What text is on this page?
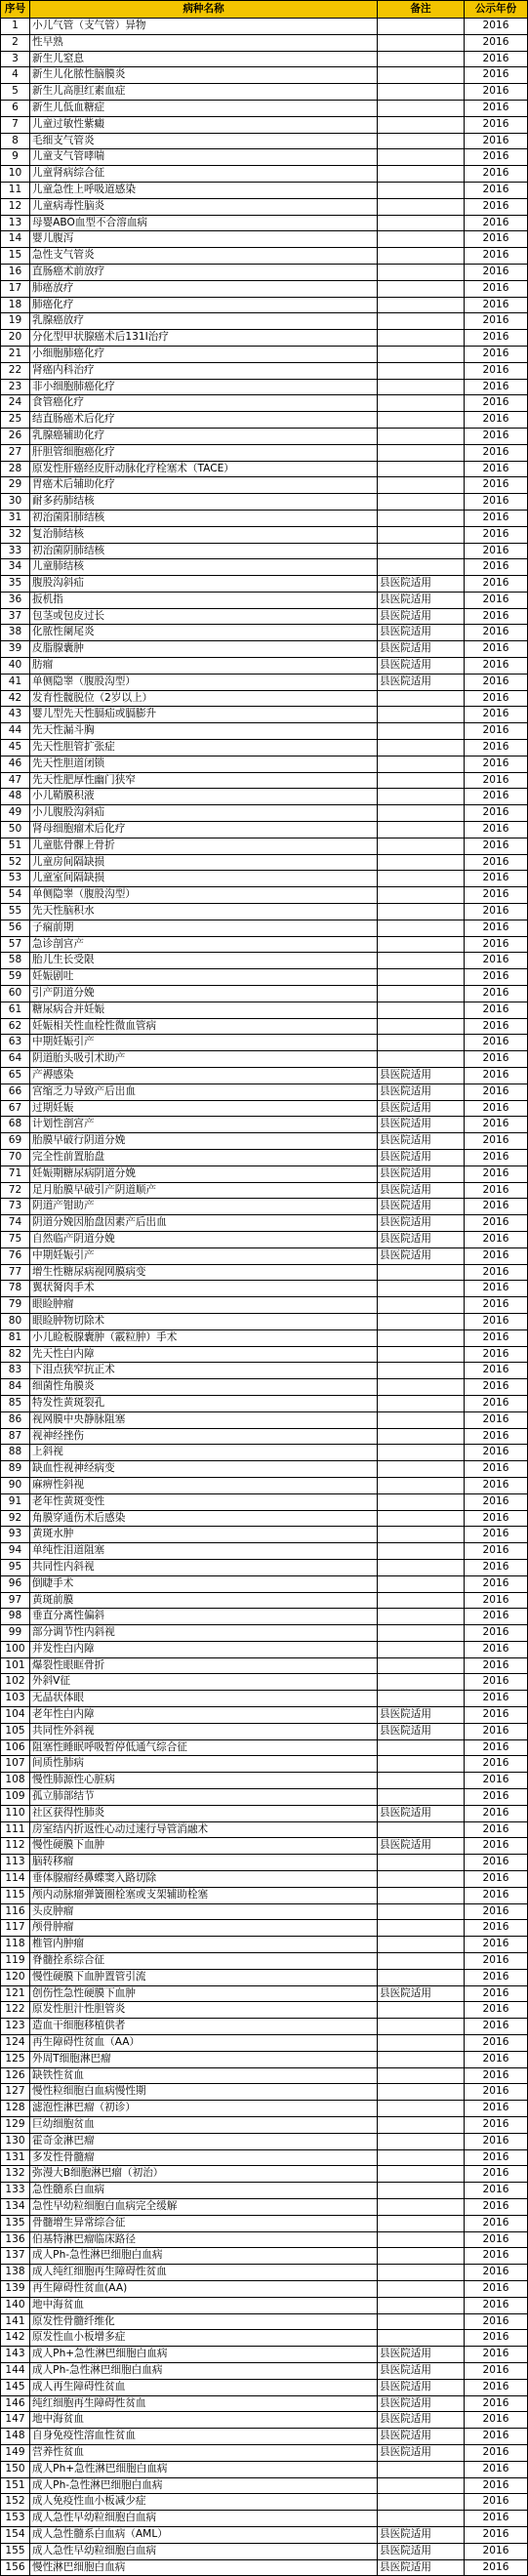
序号	病种名称	备注	公示年份
1	小儿气管（支气管）异物		2016
2	性早熟		2016
3	新生儿窒息		2016
4	新生儿化脓性脑膜炎		2016
5	新生儿高胆红素血症		2016
6	新生儿低血糖症		2016
7	儿童过敏性紫癜		2016
8	毛细支气管炎		2016
9	儿童支气管哮喘		2016
10	儿童肾病综合征		2016
11	儿童急性上呼吸道感染		2016
12	儿童病毒性脑炎		2016
13	母婴ABO血型不合溶血病		2016
14	婴儿腹泻		2016
15	急性支气管炎		2016
16	直肠癌术前放疗		2016
17	肺癌放疗		2016
18	肺癌化疗		2016
19	乳腺癌放疗		2016
20	分化型甲状腺癌术后131I治疗		2016
21	小细胞肺癌化疗		2016
22	肾癌内科治疗		2016
23	非小细胞肺癌化疗		2016
24	食管癌化疗		2016
25	结直肠癌术后化疗		2016
26	乳腺癌辅助化疗		2016
27	肝胆管细胞癌化疗		2016
28	原发性肝癌经皮肝动脉化疗栓塞术（TACE）		2016
29	胃癌术后辅助化疗		2016
30	耐多药肺结核		2016
31	初治菌阳肺结核		2016
32	复治肺结核		2016
33	初治菌阴肺结核		2016
34	儿童肺结核		2016
35	腹股沟斜疝	县医院适用	2016
36	扳机指	县医院适用	2016
37	包茎或包皮过长	县医院适用	2016
38	化脓性阑尾炎	县医院适用	2016
39	皮脂腺囊肿	县医院适用	2016
40	肪瘤	县医院适用	2016
41	单侧隐睾（腹股沟型）	县医院适用	2016
42	发育性髋脱位（2岁以上）		2016
43	婴儿型先天性膈疝或膈膨升		2016
44	先天性漏斗胸		2016
45	先天性胆管扩张症		2016
46	先天性胆道闭锁		2016
47	先天性肥厚性幽门狭窄		2016
48	小儿鞘膜积液		2016
49	小儿腹股沟斜疝		2016
50	肾母细胞瘤术后化疗		2016
51	儿童肱骨髁上骨折		2016
52	儿童房间隔缺损		2016
53	儿童室间隔缺损		2016
54	单侧隐睾（腹股沟型）		2016
55	先天性脑积水		2016
56	子痫前期		2016
57	急诊剖宫产		2016
58	胎儿生长受限		2016
59	妊娠剧吐		2016
60	引产阴道分娩		2016
61	糖尿病合并妊娠		2016
62	妊娠相关性血栓性微血管病		2016
63	中期妊娠引产		2016
64	阴道胎头吸引术助产		2016
65	产褥感染	县医院适用	2016
66	宫缩乏力导致产后出血	县医院适用	2016
67	过期妊娠	县医院适用	2016
68	计划性剖宫产	县医院适用	2016
69	胎膜早破行阴道分娩	县医院适用	2016
70	完全性前置胎盘	县医院适用	2016
71	妊娠期糖尿病阴道分娩	县医院适用	2016
72	足月胎膜早破引产阴道顺产	县医院适用	2016
73	阴道产钳助产	县医院适用	2016
74	阴道分娩因胎盘因素产后出血	县医院适用	2016
75	自然临产阴道分娩	县医院适用	2016
76	中期妊娠引产	县医院适用	2016
77	增生性糖尿病视网膜病变		2016
78	翼状胬肉手术		2016
79	眼睑肿瘤		2016
80	眼睑肿物切除术		2016
81	小儿睑板腺囊肿（霰粒肿）手术		2016
82	先天性白内障		2016
83	下泪点狭窄抗正术		2016
84	细菌性角膜炎		2016
85	特发性黄斑裂孔		2016
86	视网膜中央静脉阻塞		2016
87	视神经挫伤		2016
88	上斜视		2016
89	缺血性视神经病变		2016
90	麻痹性斜视		2016
91	老年性黄斑变性		2016
92	角膜穿通伤术后感染		2016
93	黄斑水肿		2016
94	单纯性泪道阻塞		2016
95	共同性内斜视		2016
96	倒睫手术		2016
97	黄斑前膜		2016
98	垂直分离性偏斜		2016
99	部分调节性内斜视		2016
100	并发性白内障		2016
101	爆裂性眼眶骨折		2016
102	外斜V征		2016
103	无晶状体眼		2016
104	老年性白内障	县医院适用	2016
105	共同性外斜视	县医院适用	2016
106	阻塞性睡眠呼吸暂停低通气综合征		2016
107	间质性肺病		2016
108	慢性肺源性心脏病		2016
109	孤立肺部结节		2016
110	社区获得性肺炎	县医院适用	2016
111	房室结内折返性心动过速行导管消融术		2016
112	慢性硬膜下血肿	县医院适用	2016
113	脑转移瘤		2016
114	垂体腺瘤经鼻蝶窦入路切除		2016
115	颅内动脉瘤弹簧圈栓塞或支架辅助栓塞		2016
116	头皮肿瘤		2016
117	颅骨肿瘤		2016
118	椎管内肿瘤		2016
119	脊髓拴系综合征		2016
120	慢性硬膜下血肿置管引流		2016
121	创伤性急性硬膜下血肿	县医院适用	2016
122	原发性胆汁性胆管炎		2016
123	造血干细胞移植供者		2016
124	再生障碍性贫血（AA）		2016
125	外周T细胞淋巴瘤		2016
126	缺铁性贫血		2016
127	慢性粒细胞白血病慢性期		2016
128	滤泡性淋巴瘤（初诊）		2016
129	巨幼细胞贫血		2016
130	霍奇金淋巴瘤		2016
131	多发性骨髓瘤		2016
132	弥漫大B细胞淋巴瘤（初治）		2016
133	急性髓系白血病		2016
134	急性早幼粒细胞白血病完全缓解		2016
135	骨髓增生异常综合征		2016
136	伯基特淋巴瘤临床路径		2016
137	成人Ph-急性淋巴细胞白血病		2016
138	成人纯红细胞再生障碍性贫血		2016
139	再生障碍性贫血(AA)		2016
140	地中海贫血		2016
141	原发性骨髓纤维化		2016
142	原发性血小板增多症		2016
143	成人Ph+急性淋巴细胞白血病	县医院适用	2016
144	成人Ph-急性淋巴细胞白血病	县医院适用	2016
145	成人再生障碍性贫血	县医院适用	2016
146	纯红细胞再生障碍性贫血	县医院适用	2016
147	地中海贫血	县医院适用	2016
148	自身免疫性溶血性贫血	县医院适用	2016
149	营养性贫血	县医院适用	2016
150	成人Ph+急性淋巴细胞白血病		2016
151	成人Ph-急性淋巴细胞白血病		2016
152	成人免疫性血小板减少症		2016
153	成人急性早幼粒细胞白血病		2016
154	成人急性髓系白血病（AML）	县医院适用	2016
155	成人急性早幼粒细胞白血病	县医院适用	2016
156	慢性淋巴细胞白血病	县医院适用	2016
